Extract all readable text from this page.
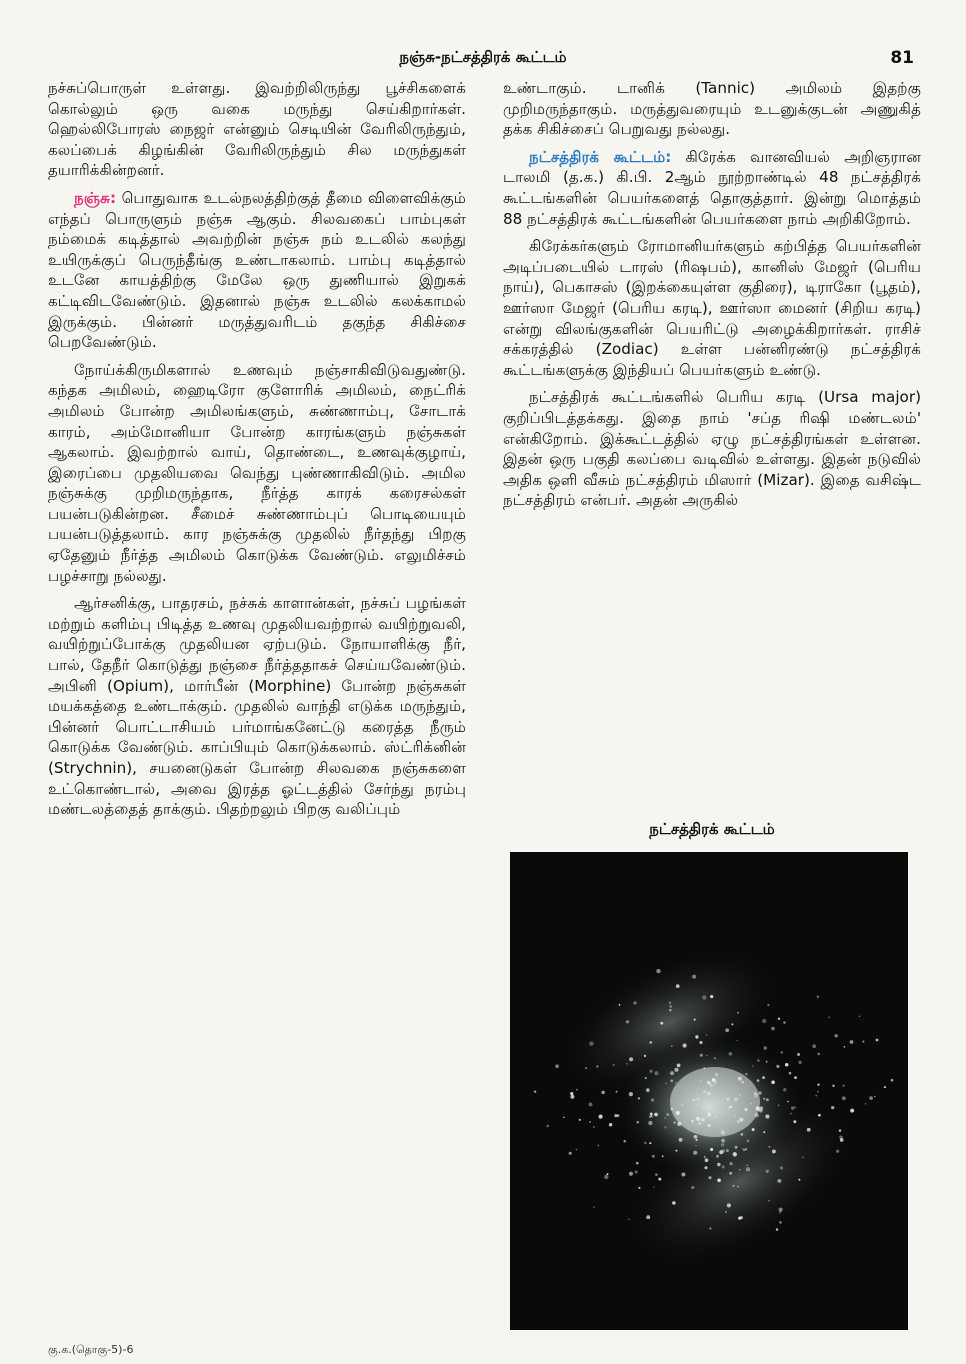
நஞ்சு-நட்சத்திரக் கூட்டம்	81

நச்சுப்பொருள் உள்ளது. இவற்றிலிருந்து பூச்சிகளைக் கொல்லும் ஒரு வகை மருந்து செய்கிறார்கள். ஹெல்லிபோரஸ் நைஜர் என்னும் செடியின் வேரிலிருந்தும், கலப்பைக் கிழங்கின் வேரிலிருந்தும் சில மருந்துகள் தயாரிக்கின்றனர்.

நஞ்சு: பொதுவாக உடல்நலத்திற்குத் தீமை விளைவிக்கும் எந்தப் பொருளும் நஞ்சு ஆகும். சிலவகைப் பாம்புகள் நம்மைக் கடித்தால் அவற்றின் நஞ்சு நம் உடலில் கலந்து உயிருக்குப் பெருந்தீங்கு உண்டாகலாம். பாம்பு கடித்தால் உடனே காயத்திற்கு மேலே ஒரு துணியால் இறுகக் கட்டிவிடவேண்டும். இதனால் நஞ்சு உடலில் கலக்காமல் இருக்கும். பின்னர் மருத்துவரிடம் தகுந்த சிகிச்சை பெறவேண்டும்.

நோய்க்கிருமிகளால் உணவும் நஞ்சாகிவிடுவதுண்டு. கந்தக அமிலம், ஹைடிரோ குளோரிக் அமிலம், நைட்ரிக் அமிலம் போன்ற அமிலங்களும், சுண்ணாம்பு, சோடாக் காரம், அம்மோனியா போன்ற காரங்களும் நஞ்சுகள் ஆகலாம். இவற்றால் வாய், தொண்டை, உணவுக்குழாய், இரைப்பை முதலியவை வெந்து புண்ணாகிவிடும். அமில நஞ்சுக்கு முறிமருந்தாக, நீர்த்த காரக் கரைசல்கள் பயன்படுகின்றன. சீமைச் சுண்ணாம்புப் பொடியையும் பயன்படுத்தலாம். கார நஞ்சுக்கு முதலில் நீர்தந்து பிறகு ஏதேனும் நீர்த்த அமிலம் கொடுக்க வேண்டும். எலுமிச்சம் பழச்சாறு நல்லது.

ஆர்சனிக்கு, பாதரசம், நச்சுக் காளான்கள், நச்சுப் பழங்கள் மற்றும் களிம்பு பிடித்த உணவு முதலியவற்றால் வயிற்றுவலி, வயிற்றுப்போக்கு முதலியன ஏற்படும். நோயாளிக்கு நீர், பால், தேநீர் கொடுத்து நஞ்சை நீர்த்ததாகச் செய்யவேண்டும். அபினி (Opium), மார்பீன் (Morphine) போன்ற நஞ்சுகள் மயக்கத்தை உண்டாக்கும். முதலில் வாந்தி எடுக்க மருந்தும், பின்னர் பொட்டாசியம் பர்மாங்கனேட்டு கரைத்த நீரும் கொடுக்க வேண்டும். காப்பியும் கொடுக்கலாம். ஸ்ட்ரிக்னின் (Strychnin), சயனைடுகள் போன்ற சிலவகை நஞ்சுகளை உட்கொண்டால், அவை இரத்த ஓட்டத்தில் சேர்ந்து நரம்பு மண்டலத்தைத் தாக்கும். பிதற்றலும் பிறகு வலிப்பும்

உண்டாகும். டானிக் (Tannic) அமிலம் இதற்கு முறிமருந்தாகும். மருத்துவரையும் உடனுக்குடன் அணுகித் தக்க சிகிச்சைப் பெறுவது நல்லது.

நட்சத்திரக் கூட்டம்: கிரேக்க வானவியல் அறிஞரான டாலமி (த.க.) கி.பி. 2ஆம் நூற்றாண்டில் 48 நட்சத்திரக் கூட்டங்களின் பெயர்களைத் தொகுத்தார். இன்று மொத்தம் 88 நட்சத்திரக் கூட்டங்களின் பெயர்களை நாம் அறிகிறோம்.

கிரேக்கர்களும் ரோமானியர்களும் கற்பித்த பெயர்களின் அடிப்படையில் டாரஸ் (ரிஷபம்), கானிஸ் மேஜர் (பெரிய நாய்), பெகாசஸ் (இறக்கையுள்ள குதிரை), டிராகோ (பூதம்), ஊர்ஸா மேஜர் (பெரிய கரடி), ஊர்ஸா மைனர் (சிறிய கரடி) என்று விலங்குகளின் பெயரிட்டு அழைக்கிறார்கள். ராசிச் சக்கரத்தில் (Zodiac) உள்ள பன்னிரண்டு நட்சத்திரக் கூட்டங்களுக்கு இந்தியப் பெயர்களும் உண்டு.

நட்சத்திரக் கூட்டங்களில் பெரிய கரடி (Ursa major) குறிப்பிடத்தக்கது. இதை நாம் 'சப்த ரிஷி மண்டலம்' என்கிறோம். இக்கூட்டத்தில் ஏழு நட்சத்திரங்கள் உள்ளன. இதன் ஒரு பகுதி கலப்பை வடிவில் உள்ளது. இதன் நடுவில் அதிக ஒளி வீசும் நட்சத்திரம் மிஸார் (Mizar). இதை வசிஷ்ட நட்சத்திரம் என்பர். அதன் அருகில்

நட்சத்திரக் கூட்டம்
கு.க.(தொகு-5)-6
